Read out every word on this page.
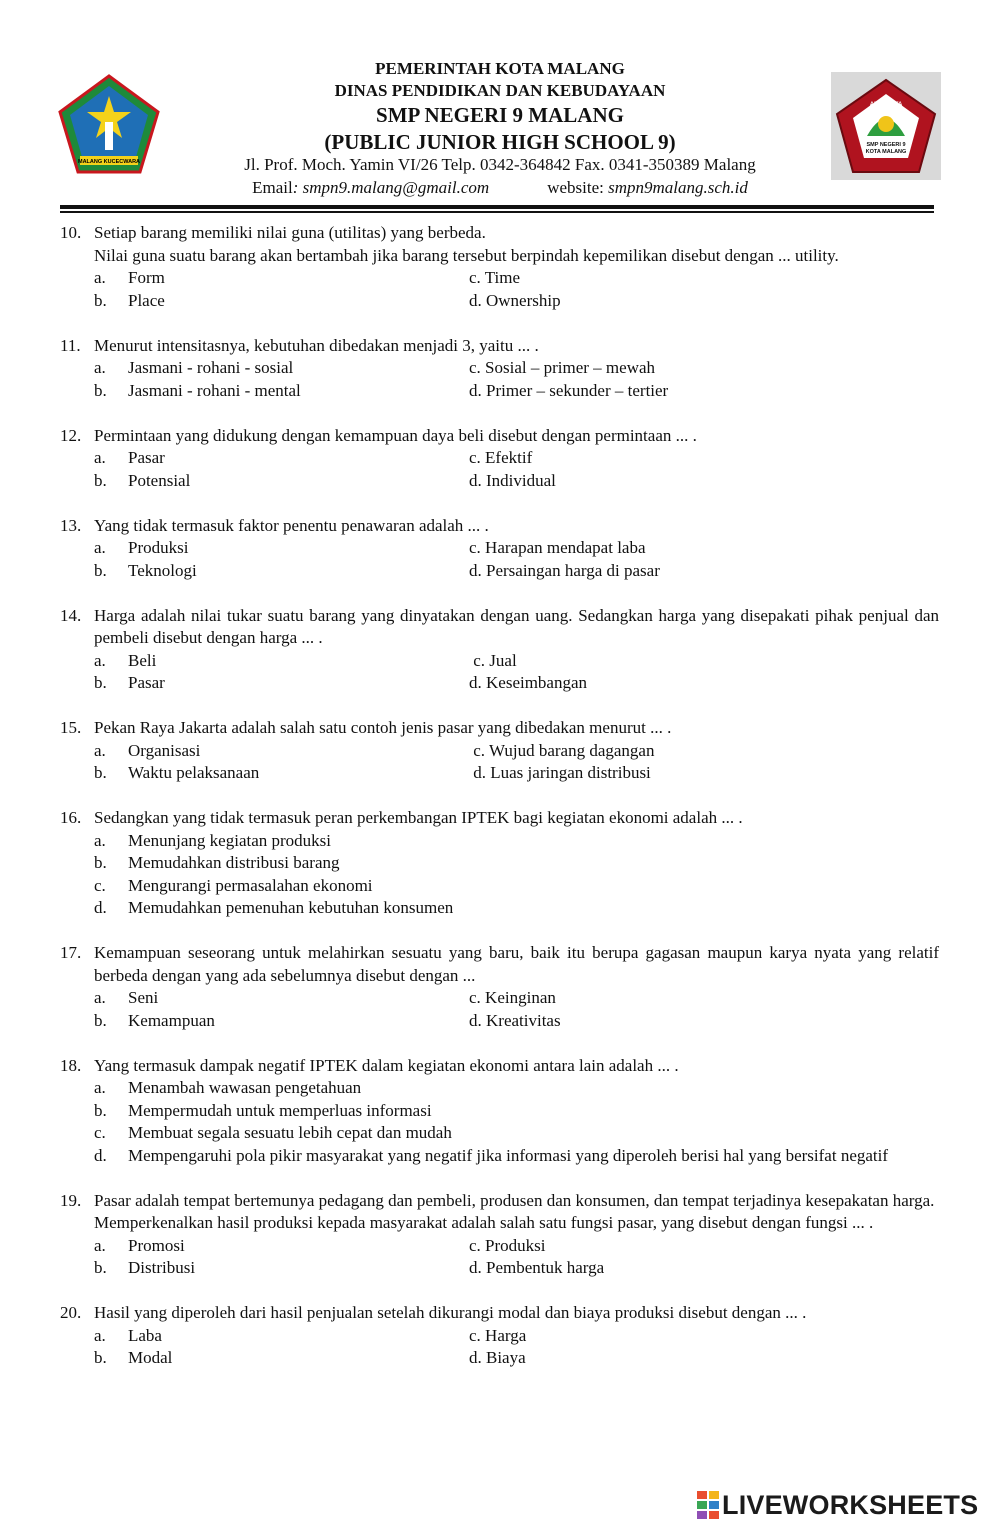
MALANG KUCECWARA
PEMERINTAH KOTA MALANG
DINAS PENDIDIKAN DAN KEBUDAYAAN
SMP NEGERI 9 MALANG
(PUBLIC JUNIOR HIGH SCHOOL 9)
Jl. Prof. Moch. Yamin VI/26 Telp. 0342-364842 Fax. 0341-350389 Malang
Email: smpn9.malang@gmail.com	website: smpn9malang.sch.id
ADIWIYATA
SMP NEGERI 9
KOTA MALANG
10. Setiap barang memiliki nilai guna (utilitas) yang berbeda.
Nilai guna suatu barang akan bertambah jika barang tersebut berpindah kepemilikan disebut dengan ... utility.
a. Form	c. Time
b. Place	d. Ownership
11. Menurut intensitasnya, kebutuhan dibedakan menjadi 3, yaitu ... .
a. Jasmani - rohani - sosial	c. Sosial – primer – mewah
b. Jasmani - rohani - mental	d. Primer – sekunder – tertier
12. Permintaan yang didukung dengan kemampuan daya beli disebut dengan permintaan ... .
a. Pasar	c. Efektif
b. Potensial	d. Individual
13. Yang tidak termasuk faktor penentu penawaran adalah ... .
a. Produksi	c. Harapan mendapat laba
b. Teknologi	d. Persaingan harga di pasar
14. Harga adalah nilai tukar suatu barang yang dinyatakan dengan uang. Sedangkan harga yang disepakati pihak penjual dan pembeli disebut dengan harga ... .
a. Beli	c. Jual
b. Pasar	d. Keseimbangan
15. Pekan Raya Jakarta adalah salah satu contoh jenis pasar yang dibedakan menurut ... .
a. Organisasi	c. Wujud barang dagangan
b. Waktu pelaksanaan	d. Luas jaringan distribusi
16. Sedangkan yang tidak termasuk peran perkembangan IPTEK bagi kegiatan ekonomi adalah ... .
a. Menunjang kegiatan produksi
b. Memudahkan distribusi barang
c. Mengurangi permasalahan ekonomi
d. Memudahkan pemenuhan kebutuhan konsumen
17. Kemampuan seseorang untuk melahirkan sesuatu yang baru, baik itu berupa gagasan maupun karya nyata yang relatif berbeda dengan yang ada sebelumnya disebut dengan ...
a. Seni	c. Keinginan
b. Kemampuan	d. Kreativitas
18. Yang termasuk dampak negatif IPTEK dalam kegiatan ekonomi antara lain adalah ... .
a. Menambah wawasan pengetahuan
b. Mempermudah untuk memperluas informasi
c. Membuat segala sesuatu lebih cepat dan mudah
d. Mempengaruhi pola pikir masyarakat yang negatif jika informasi yang diperoleh berisi hal yang bersifat negatif
19. Pasar adalah tempat bertemunya pedagang dan pembeli, produsen dan konsumen, dan tempat terjadinya kesepakatan harga.
Memperkenalkan hasil produksi kepada masyarakat adalah salah satu fungsi pasar, yang disebut dengan fungsi ... .
a. Promosi	c. Produksi
b. Distribusi	d. Pembentuk harga
20. Hasil yang diperoleh dari hasil penjualan setelah dikurangi modal dan biaya produksi disebut dengan ... .
a. Laba	c. Harga
b. Modal	d. Biaya
LIVEWORKSHEETS
